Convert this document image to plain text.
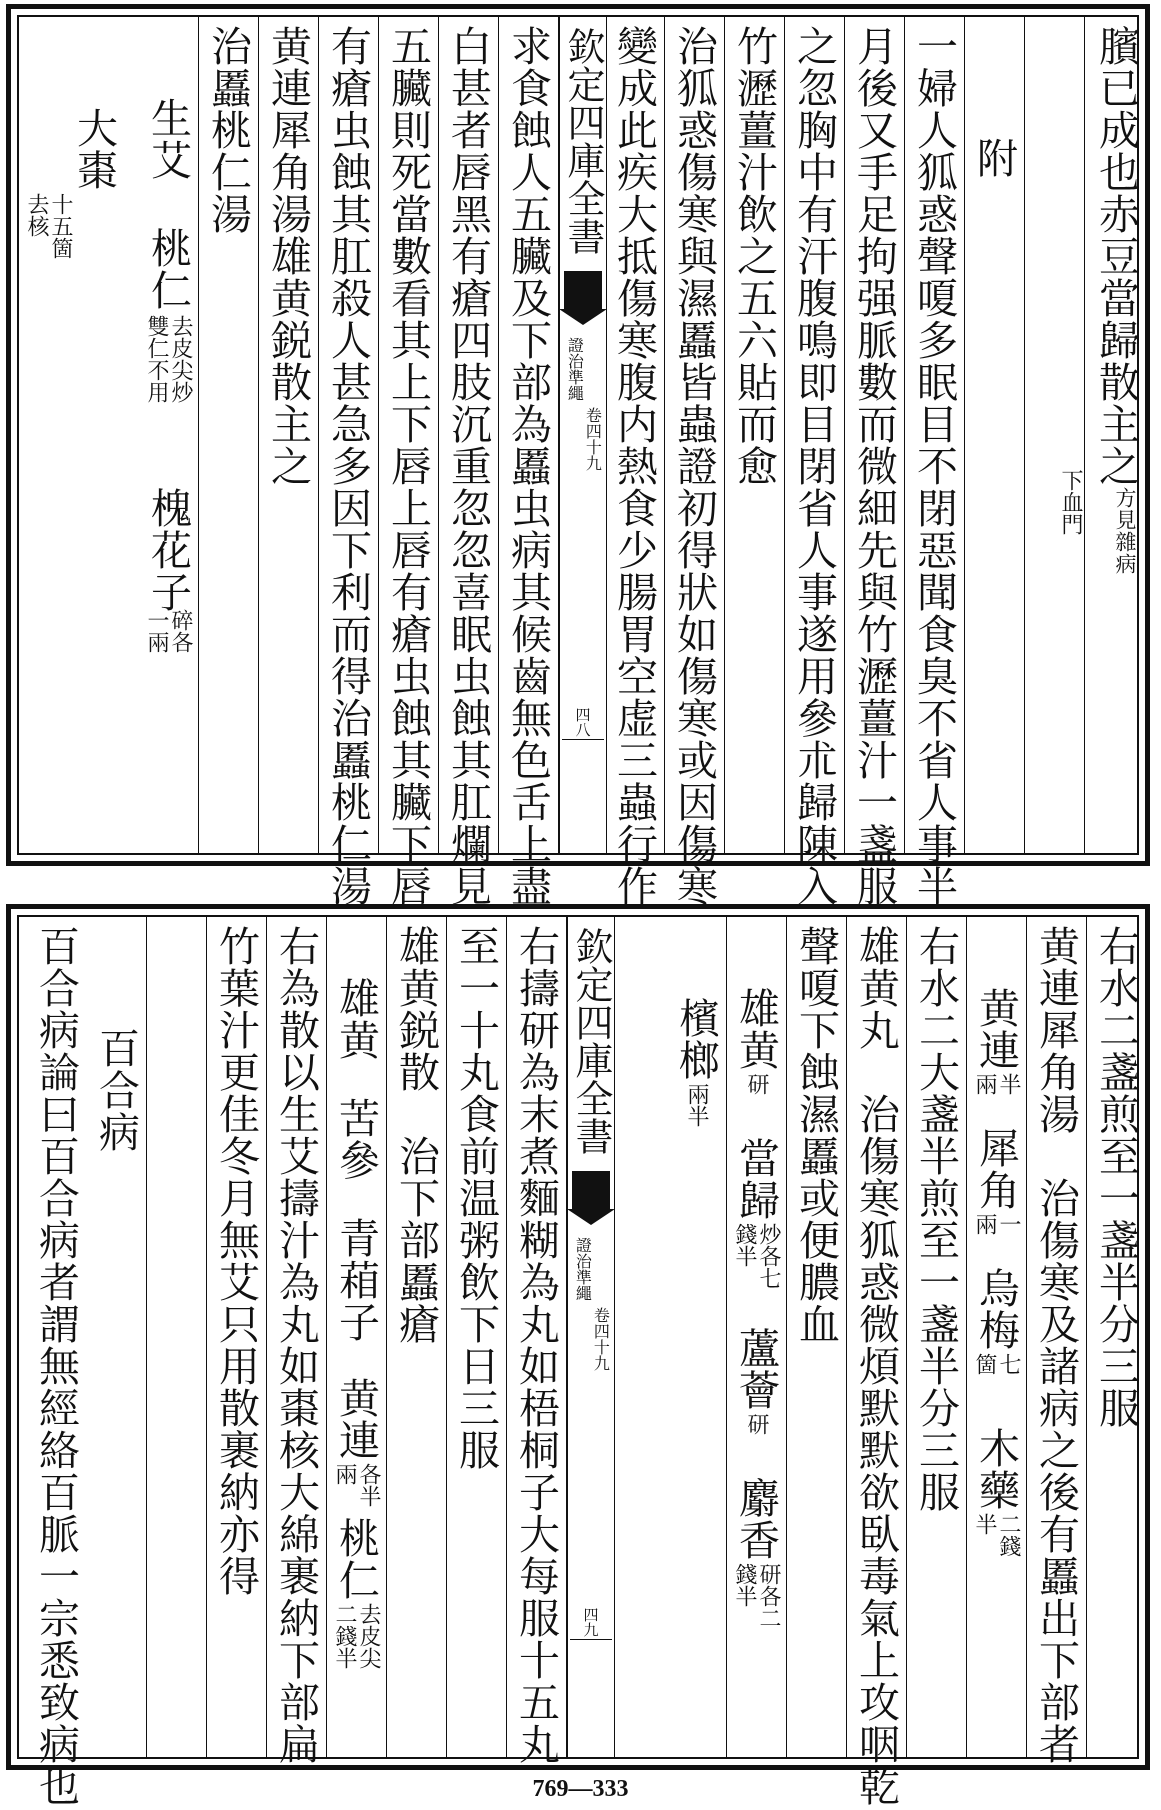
臏已成也赤豆當歸散主之
方見雜病
下血門
附
一婦人狐惑聲嗄多眠目不閉惡聞食臭不省人事半
月後又手足拘强脈數而微細先與竹瀝薑汁一盞服
之忽胸中有汗腹鳴即目閉省人事遂用參朮歸陳入
竹瀝薑汁飲之五六貼而愈
治狐惑傷寒與濕䘌皆蟲證初得狀如傷寒或因傷寒
變成此疾大抵傷寒腹内熱食少腸胃空虚三蟲行作
欽定四庫全書
證治準繩
卷四十九
四八
求食蝕人五臟及下部為䘌虫病其候齒無色舌上盡
白甚者唇黑有瘡四肢沉重忽忽喜眠虫蝕其肛爛見
五臟則死當數看其上下唇上唇有瘡虫蝕其臟下唇
有瘡虫蝕其肛殺人甚急多因下利而得治䘌桃仁湯
黄連犀角湯雄黄鋭散主之
治䘌桃仁湯
生艾
桃仁
去皮尖炒
雙仁不用
槐花子
碎各
一兩
大棗
十五箇
去核
右水二盞煎至一盞半分三服
黄連犀角湯　治傷寒及諸病之後有䘌出下部者
黄連
半
兩
犀角
一
兩
烏梅
七
箇
木藥
二錢
半
右水二大盞半煎至一盞半分三服
雄黄丸　治傷寒狐惑微煩默默欲臥毒氣上攻咽乾
聲嗄下蝕濕䘌或便膿血
雄黄
研
當歸
炒各七
錢半
蘆薈
研
麝香
研各二
錢半
檳榔
兩半
欽定四庫全書
證治準繩
卷四十九
四九
右擣研為末煮麵糊為丸如梧桐子大每服十五丸
至一十丸食前温粥飲下日三服
雄黄鋭散　治下部䘌瘡
雄黄
苦參
青葙子
黄連
各半
兩
桃仁
去皮尖
二錢半
右為散以生艾擣汁為丸如棗核大綿裹納下部扁
竹葉汁更佳冬月無艾只用散裹納亦得
百合病
百合病論曰百合病者謂無經絡百脈一宗悉致病也	769—333
